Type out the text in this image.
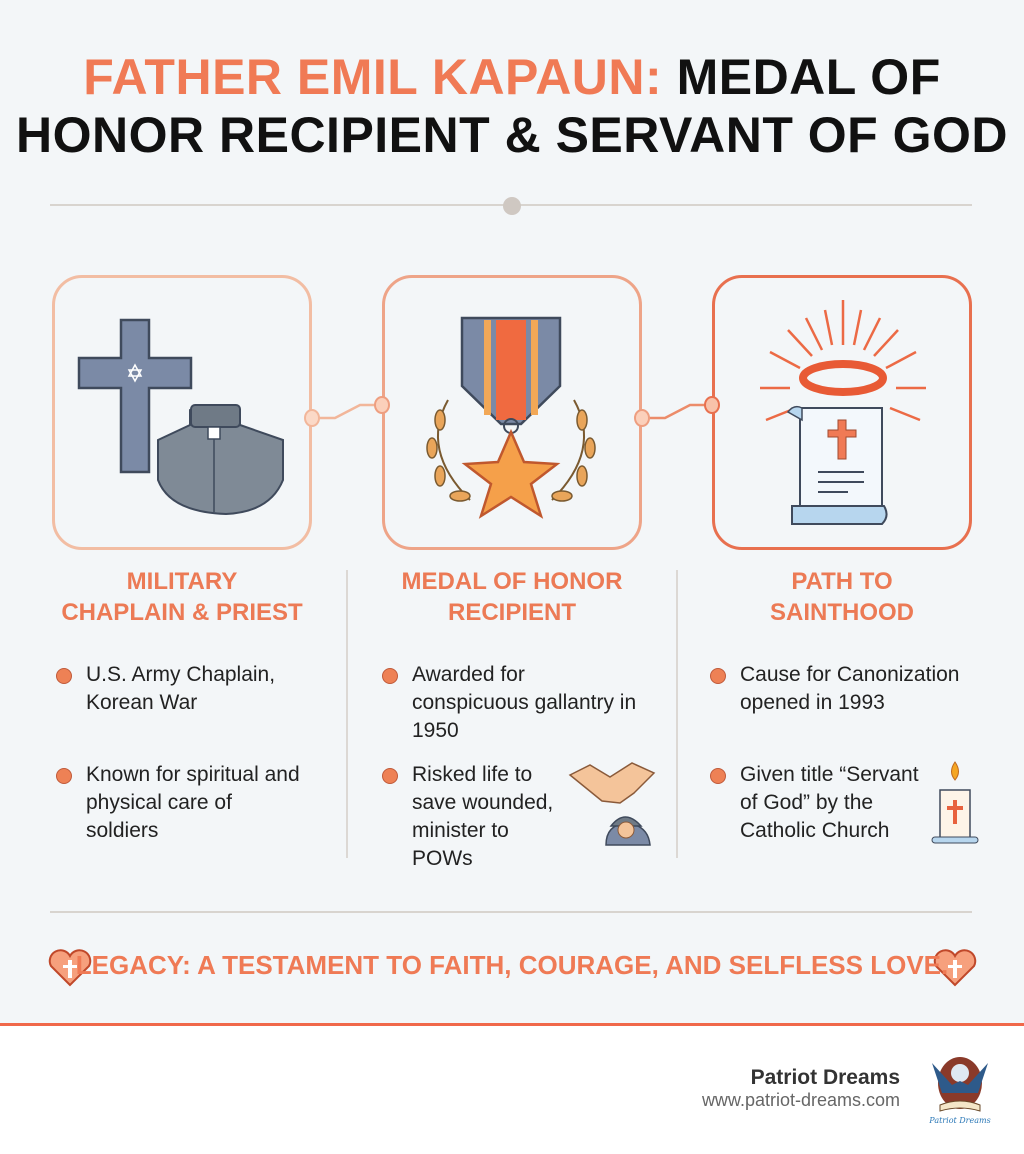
FATHER EMIL KAPAUN: MEDAL OF
HONOR RECIPIENT & SERVANT OF GOD
MILITARY
CHAPLAIN & PRIEST
MEDAL OF HONOR
RECIPIENT
PATH TO
SAINTHOOD
U.S. Army Chaplain, Korean War
Known for spiritual and physical care of soldiers
Awarded for conspicuous gallantry in 1950
Risked life to save wounded, minister to POWs
Cause for Canonization opened in 1993
Given title “Servant of God” by the Catholic Church
LEGACY: A TESTAMENT TO FAITH, COURAGE, AND SELFLESS LOVE.
Patriot Dreams
www.patriot-dreams.com
Patriot Dreams
